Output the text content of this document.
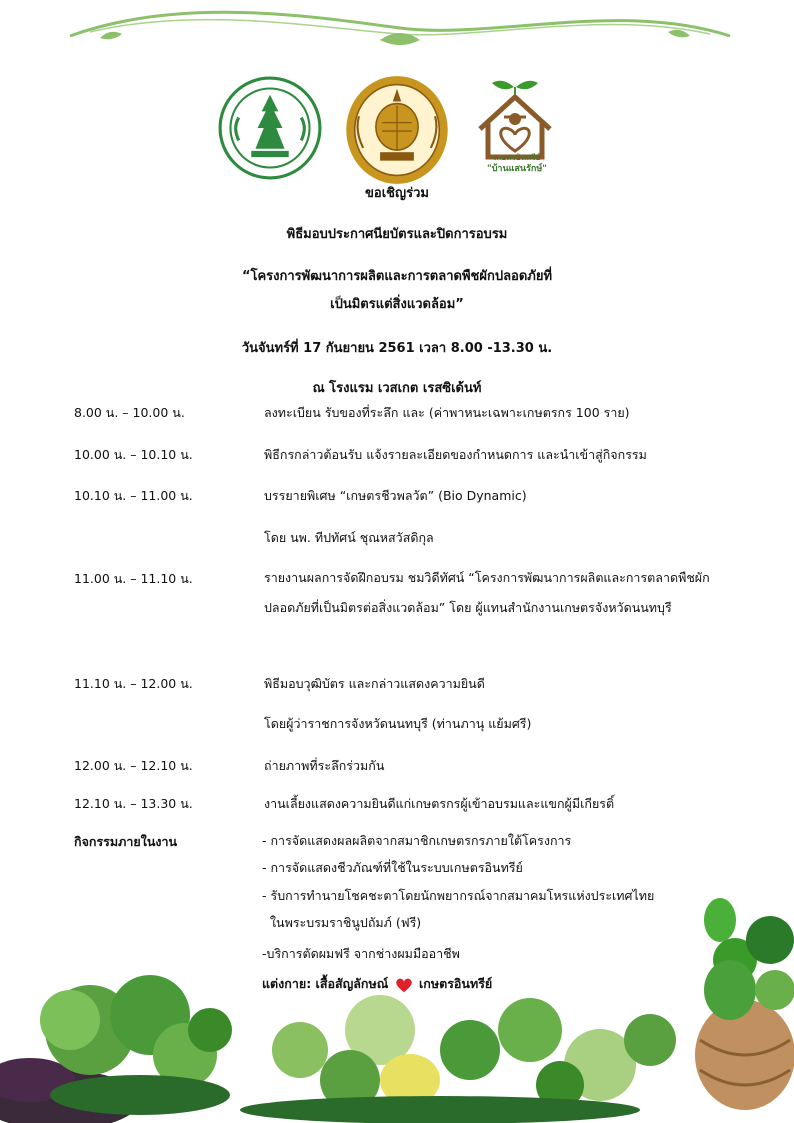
เกษตรอินทรีย์
"บ้านแสนรักษ์"
ขอเชิญร่วม
พิธีมอบประกาศนียบัตรและปิดการอบรม
“โครงการพัฒนาการผลิตและการตลาดพืชผักปลอดภัยที่
เป็นมิตรแต่สิ่งแวดล้อม”
วันจันทร์ที่ 17 กันยายน 2561 เวลา 8.00 -13.30 น.
ณ โรงแรม เวสเกต เรสซิเด้นท์
8.00 น. – 10.00 น.	ลงทะเบียน รับของที่ระลึก และ (ค่าพาหนะเฉพาะเกษตรกร 100 ราย)
10.00 น. – 10.10 น.	พิธีกรกล่าวต้อนรับ แจ้งรายละเอียดของกำหนดการ และนำเข้าสู่กิจกรรม
10.10 น. – 11.00 น.	บรรยายพิเศษ “เกษตรชีวพลวัต” (Bio Dynamic)
โดย นพ. ทีปทัศน์ ชุณหสวัสดิกุล
11.00 น. – 11.10 น.	รายงานผลการจัดฝึกอบรม ชมวิดีทัศน์ “โครงการพัฒนาการผลิตและการตลาดพืชผักปลอดภัยที่เป็นมิตรต่อสิ่งแวดล้อม” โดย ผู้แทนสำนักงานเกษตรจังหวัดนนทบุรี
11.10 น. – 12.00 น.	พิธีมอบวุฒิบัตร และกล่าวแสดงความยินดี
โดยผู้ว่าราชการจังหวัดนนทบุรี (ท่านภานุ แย้มศรี)
12.00 น. – 12.10 น.	ถ่ายภาพที่ระลึกร่วมกัน
12.10 น. – 13.30 น.	งานเลี้ยงแสดงความยินดีแก่เกษตรกรผู้เข้าอบรมและแขกผู้มีเกียรติ์
กิจกรรมภายในงาน	- การจัดแสดงผลผลิตจากสมาชิกเกษตรกรภายใต้โครงการ
- การจัดแสดงชีวภัณฑ์ที่ใช้ในระบบเกษตรอินทรีย์
- รับการทำนายโชคชะตาโดยนักพยากรณ์จากสมาคมโหรแห่งประเทศไทย
ในพระบรมราชินูปถัมภ์ (ฟรี)
-บริการตัดผมฟรี จากช่างผมมืออาชีพ
แต่งกาย: เสื้อสัญลักษณ์ เกษตรอินทรีย์
